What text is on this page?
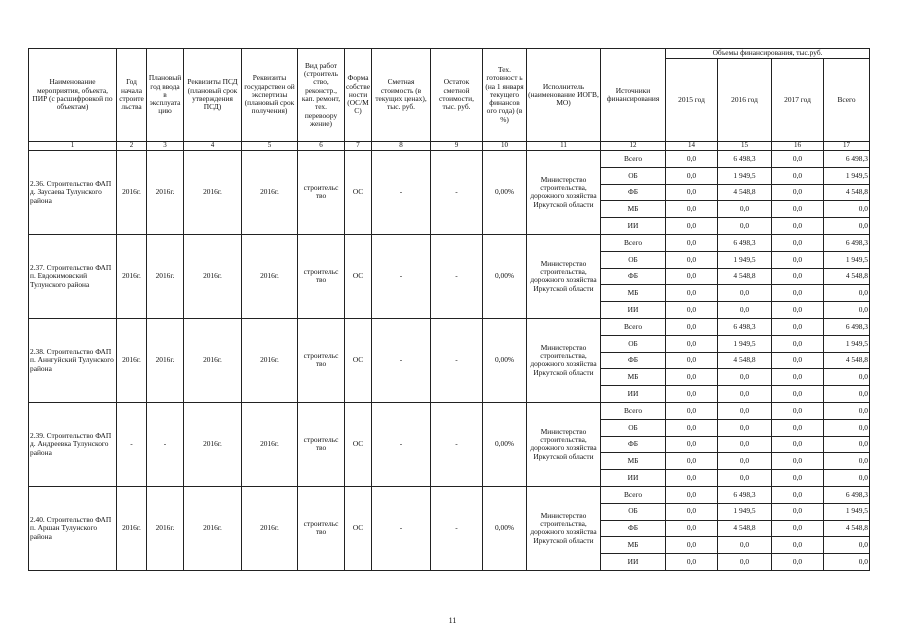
Наименование мероприятия, объекта, ПИР (с расшифровкой по объектам)	Год начала строите льства	Плановый год ввода в эксплуата цию	Реквизиты ПСД (плановый срок утверждения ПСД)	Реквизиты государствен ой экспертизы (плановый срок получения)	Вид работ (строитель ство, реконстр., кап. ремонт, тех. перевоору жение)	Форма собстве ности (ОС/М С)	Сметная стоимость (в текущих ценах), тыс. руб.	Остаток сметной стоимости, тыс. руб.	Тех. готовност ь (на 1 января текущего финансов ого года) (в %)	Исполнитель (наименование ИОГВ, МО)	Источники финансирования	Объемы финансирования, тыс.руб.			
												2015 год	2016 год	2017 год	Всего
1	2	3	4	5	6	7	8	9	10	11	12	14	15	16	17
2.36. Строительство ФАП д. Заусаева Тулунского района	2016г.	2016г.	2016г.	2016г.	строительс тво	ОС	-	-	0,00%	Министерство строительства, дорожного хозяйства Иркутской области	Всего	0,0	6 498,3	0,0	6 498,3
											ОБ	0,0	1 949,5	0,0	1 949,5
											ФБ	0,0	4 548,8	0,0	4 548,8
											МБ	0,0	0,0	0,0	0,0
											ИИ	0,0	0,0	0,0	0,0
2.37. Строительство ФАП п. Евдокимовский Тулунского района	2016г.	2016г.	2016г.	2016г.	строительс тво	ОС	-	-	0,00%	Министерство строительства, дорожного хозяйства Иркутской области	Всего	0,0	6 498,3	0,0	6 498,3
											ОБ	0,0	1 949,5	0,0	1 949,5
											ФБ	0,0	4 548,8	0,0	4 548,8
											МБ	0,0	0,0	0,0	0,0
											ИИ	0,0	0,0	0,0	0,0
2.38. Строительство ФАП п. Аннгуйский Тулунского района	2016г.	2016г.	2016г.	2016г.	строительс тво	ОС	-	-	0,00%	Министерство строительства, дорожного хозяйства Иркутской области	Всего	0,0	6 498,3	0,0	6 498,3
											ОБ	0,0	1 949,5	0,0	1 949,5
											ФБ	0,0	4 548,8	0,0	4 548,8
											МБ	0,0	0,0	0,0	0,0
											ИИ	0,0	0,0	0,0	0,0
2.39. Строительство ФАП д. Андреевка Тулунского района	-	-	2016г.	2016г.	строительс тво	ОС	-	-	0,00%	Министерство строительства, дорожного хозяйства Иркутской области	Всего	0,0	0,0	0,0	0,0
											ОБ	0,0	0,0	0,0	0,0
											ФБ	0,0	0,0	0,0	0,0
											МБ	0,0	0,0	0,0	0,0
											ИИ	0,0	0,0	0,0	0,0
2.40. Строительство ФАП п. Аршан Тулунского района	2016г.	2016г.	2016г.	2016г.	строительс тво	ОС	-	-	0,00%	Министерство строительства, дорожного хозяйства Иркутской области	Всего	0,0	6 498,3	0,0	6 498,3
											ОБ	0,0	1 949,5	0,0	1 949,5
											ФБ	0,0	4 548,8	0,0	4 548,8
											МБ	0,0	0,0	0,0	0,0
											ИИ	0,0	0,0	0,0	0,0
11
